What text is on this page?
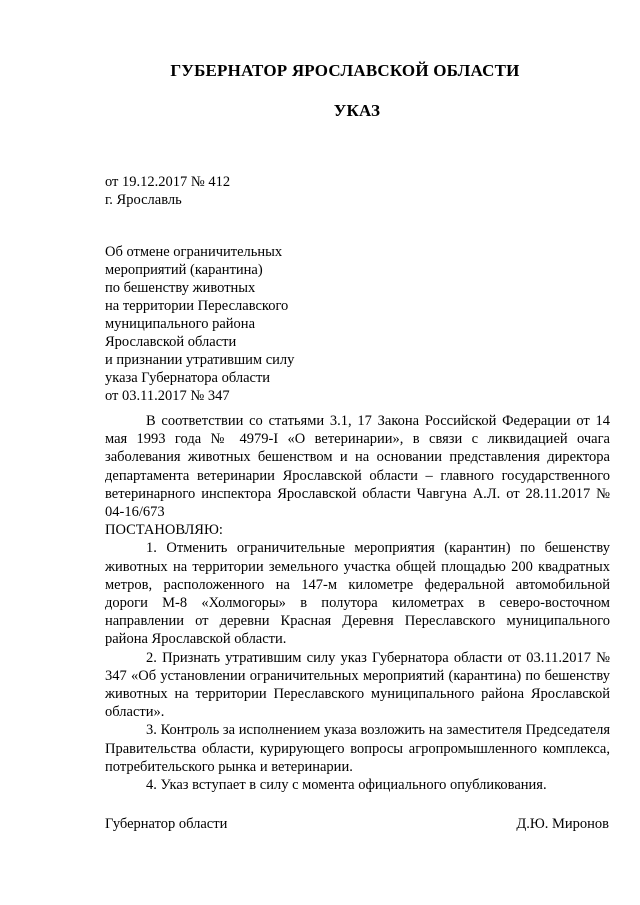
ГУБЕРНАТОР ЯРОСЛАВСКОЙ ОБЛАСТИ
УКАЗ
от 19.12.2017 № 412
г. Ярославль
Об отмене ограничительных
мероприятий (карантина)
по бешенству животных
на территории Переславского
муниципального района
Ярославской области
и признании утратившим силу
указа Губернатора области
от 03.11.2017 № 347

В соответствии со статьями 3.1, 17 Закона Российской Федерации от 14 мая 1993 года № 4979-I «О ветеринарии», в связи с ликвидацией очага заболевания животных бешенством и на основании представления директора департамента ветеринарии Ярославской области – главного государственного ветеринарного инспектора Ярославской области Чавгуна А.Л. от 28.11.2017 № 04-16/673

ПОСТАНОВЛЯЮ:

1. Отменить ограничительные мероприятия (карантин) по бешенству животных на территории земельного участка общей площадью 200 квадратных метров, расположенного на 147-м километре федеральной автомобильной дороги М-8 «Холмогоры» в полутора километрах в северо-восточном направлении от деревни Красная Деревня Переславского муниципального района Ярославской области.

2. Признать утратившим силу указ Губернатора области от 03.11.2017 № 347 «Об установлении ограничительных мероприятий (карантина) по бешенству животных на территории Переславского муниципального района Ярославской области».

3. Контроль за исполнением указа возложить на заместителя Председателя Правительства области, курирующего вопросы агропромышленного комплекса, потребительского рынка и ветеринарии.

4. Указ вступает в силу с момента официального опубликования.

Губернатор области	Д.Ю. Миронов
